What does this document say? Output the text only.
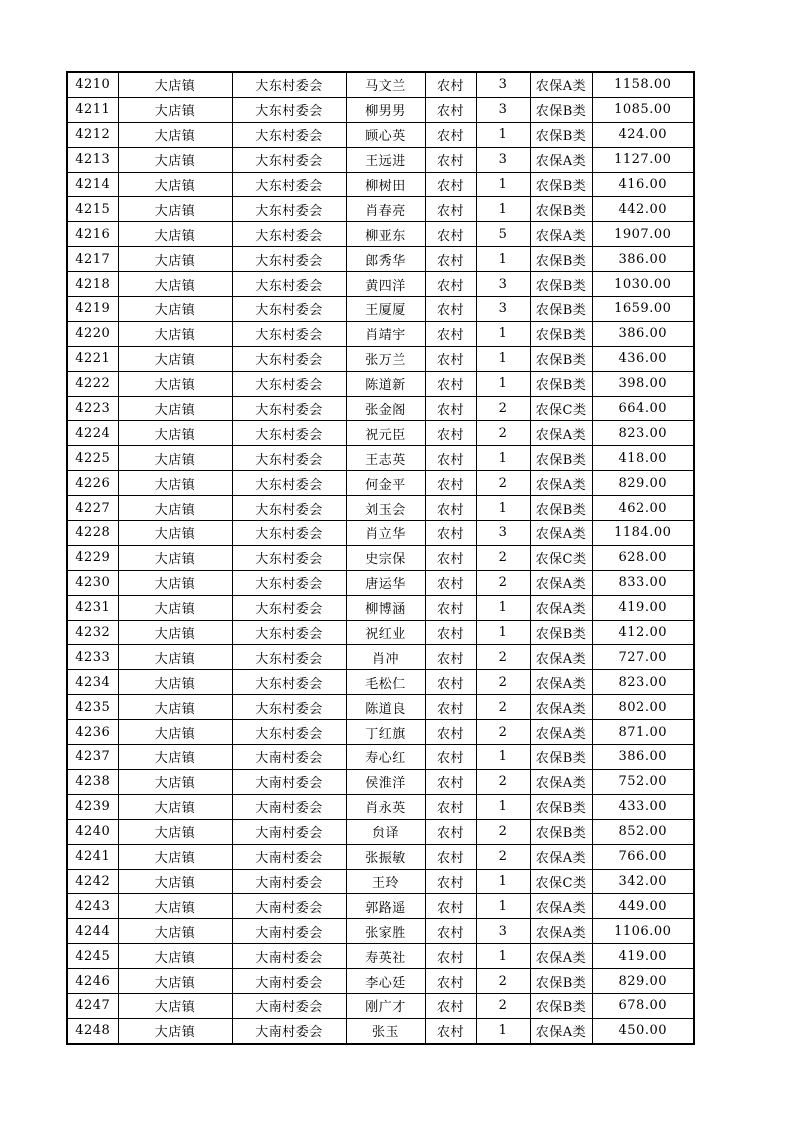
4210	大店镇	大东村委会	马文兰	农村	3	农保A类	1158.00
4211	大店镇	大东村委会	柳男男	农村	3	农保B类	1085.00
4212	大店镇	大东村委会	顾心英	农村	1	农保B类	424.00
4213	大店镇	大东村委会	王远进	农村	3	农保A类	1127.00
4214	大店镇	大东村委会	柳树田	农村	1	农保B类	416.00
4215	大店镇	大东村委会	肖春亮	农村	1	农保B类	442.00
4216	大店镇	大东村委会	柳亚东	农村	5	农保A类	1907.00
4217	大店镇	大东村委会	郎秀华	农村	1	农保B类	386.00
4218	大店镇	大东村委会	黄四洋	农村	3	农保B类	1030.00
4219	大店镇	大东村委会	王厦厦	农村	3	农保B类	1659.00
4220	大店镇	大东村委会	肖靖宇	农村	1	农保B类	386.00
4221	大店镇	大东村委会	张万兰	农村	1	农保B类	436.00
4222	大店镇	大东村委会	陈道新	农村	1	农保B类	398.00
4223	大店镇	大东村委会	张金阁	农村	2	农保C类	664.00
4224	大店镇	大东村委会	祝元臣	农村	2	农保A类	823.00
4225	大店镇	大东村委会	王志英	农村	1	农保B类	418.00
4226	大店镇	大东村委会	何金平	农村	2	农保A类	829.00
4227	大店镇	大东村委会	刘玉会	农村	1	农保B类	462.00
4228	大店镇	大东村委会	肖立华	农村	3	农保A类	1184.00
4229	大店镇	大东村委会	史宗保	农村	2	农保C类	628.00
4230	大店镇	大东村委会	唐运华	农村	2	农保A类	833.00
4231	大店镇	大东村委会	柳博涵	农村	1	农保A类	419.00
4232	大店镇	大东村委会	祝红业	农村	1	农保B类	412.00
4233	大店镇	大东村委会	肖冲	农村	2	农保A类	727.00
4234	大店镇	大东村委会	毛松仁	农村	2	农保A类	823.00
4235	大店镇	大东村委会	陈道良	农村	2	农保A类	802.00
4236	大店镇	大东村委会	丁红旗	农村	2	农保A类	871.00
4237	大店镇	大南村委会	寿心红	农村	1	农保B类	386.00
4238	大店镇	大南村委会	侯淮洋	农村	2	农保A类	752.00
4239	大店镇	大南村委会	肖永英	农村	1	农保B类	433.00
4240	大店镇	大南村委会	贠译	农村	2	农保B类	852.00
4241	大店镇	大南村委会	张振敏	农村	2	农保A类	766.00
4242	大店镇	大南村委会	王玲	农村	1	农保C类	342.00
4243	大店镇	大南村委会	郭路遥	农村	1	农保A类	449.00
4244	大店镇	大南村委会	张家胜	农村	3	农保A类	1106.00
4245	大店镇	大南村委会	寿英社	农村	1	农保A类	419.00
4246	大店镇	大南村委会	李心廷	农村	2	农保B类	829.00
4247	大店镇	大南村委会	刚广才	农村	2	农保B类	678.00
4248	大店镇	大南村委会	张玉	农村	1	农保A类	450.00
